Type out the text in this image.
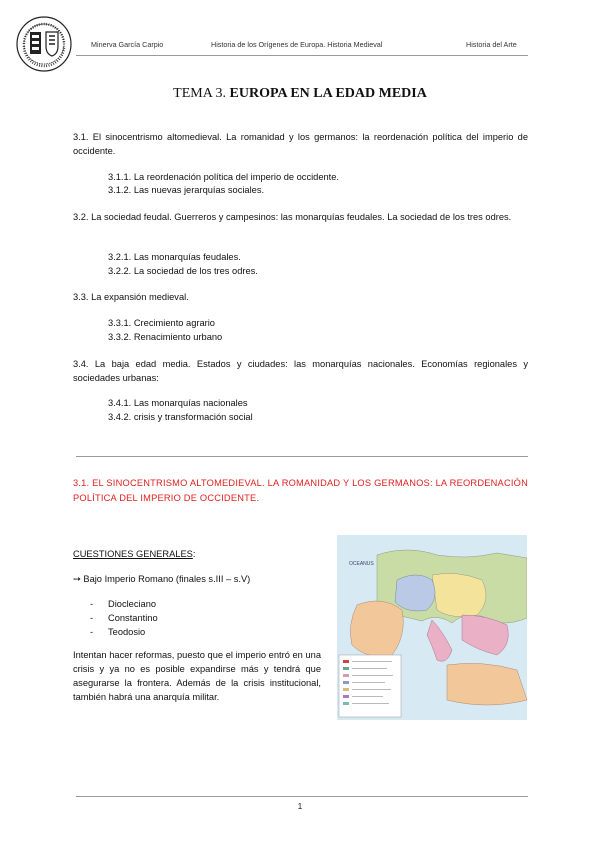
Minerva García Carpio	Historia de los Orígenes de Europa. Historia Medieval	Historia del Arte
TEMA 3. EUROPA EN LA EDAD MEDIA
3.1. El sinocentrismo altomedieval. La romanidad y los germanos: la reordenación política del imperio de occidente.
3.1.1. La reordenación política del imperio de occidente.
3.1.2. Las nuevas jerarquías sociales.
3.2. La sociedad feudal. Guerreros y campesinos: las monarquías feudales. La sociedad de los tres odres.
3.2.1. Las monarquías feudales.
3.2.2. La sociedad de los tres odres.
3.3. La expansión medieval.
3.3.1. Crecimiento agrario
3.3.2. Renacimiento urbano
3.4. La baja edad media. Estados y ciudades: las monarquías nacionales. Economías regionales y sociedades urbanas:
3.4.1. Las monarquías nacionales
3.4.2. crisis y transformación social
3.1. EL SINOCENTRISMO ALTOMEDIEVAL. LA ROMANIDAD Y LOS GERMANOS: LA REORDENACIÓN POLÍTICA DEL IMPERIO DE OCCIDENTE.
CUESTIONES GENERALES:
➙ Bajo Imperio Romano (finales s.III – s.V)
- Diocleciano
- Constantino
- Teodosio
Intentan hacer reformas, puesto que el imperio entró en una crisis y ya no es posible expandirse más y tendrá que asegurarse la frontera. Además de la crisis institucional, también habrá una anarquía militar.
OCEANUS
1
